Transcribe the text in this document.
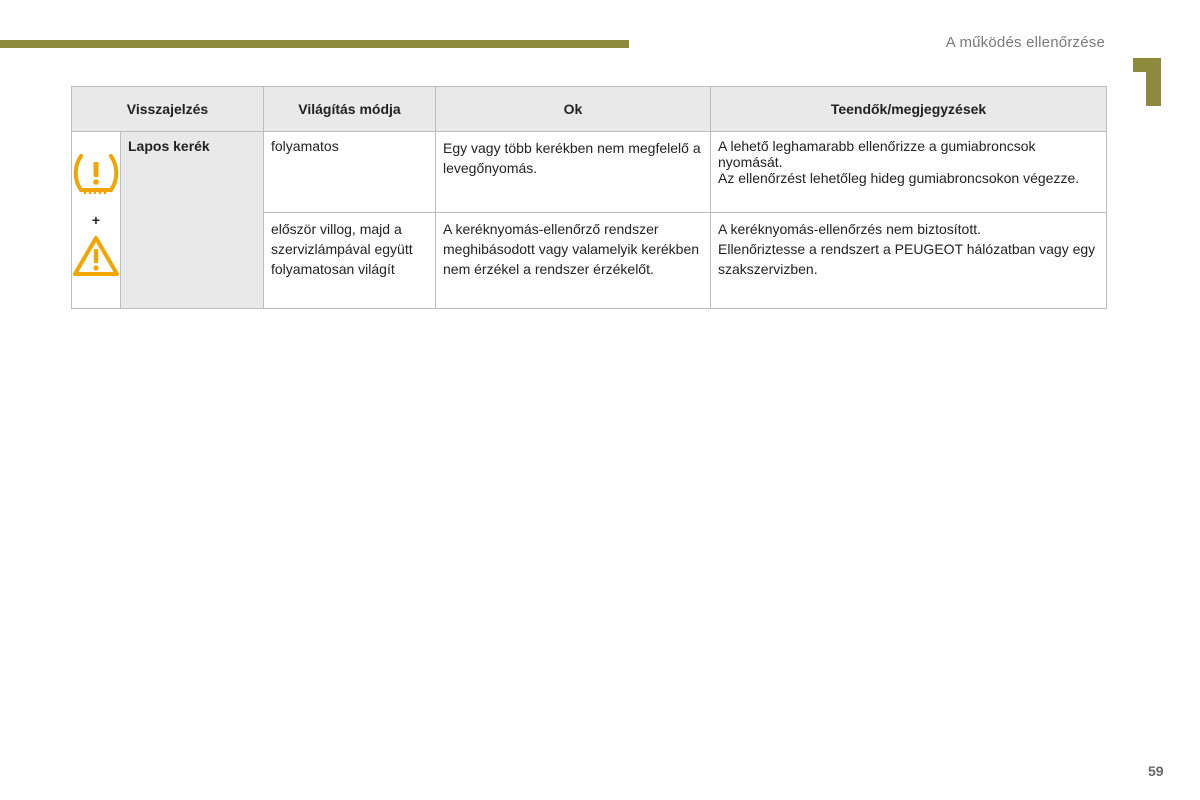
A működés ellenőrzése
Visszajelzés		Világítás módja	Ok	Teendők/megjegyzések

+	Lapos kerék	folyamatos	Egy vagy több kerékben nem megfelelő a levegőnyomás.	A lehető leghamarabb ellenőrizze a gumiabroncsok nyomását.
Az ellenőrzést lehetőleg hideg gumiabroncsokon végezze.

		először villog, majd a szervizlámpával együtt folyamatosan világít	A keréknyomás-ellenőrző rendszer meghibásodott vagy valamelyik kerékben nem érzékel a rendszer érzékelőt.	A keréknyomás-ellenőrzés nem biztosított.
Ellenőriztesse a rendszert a PEUGEOT hálózatban vagy egy szakszervizben.
59
